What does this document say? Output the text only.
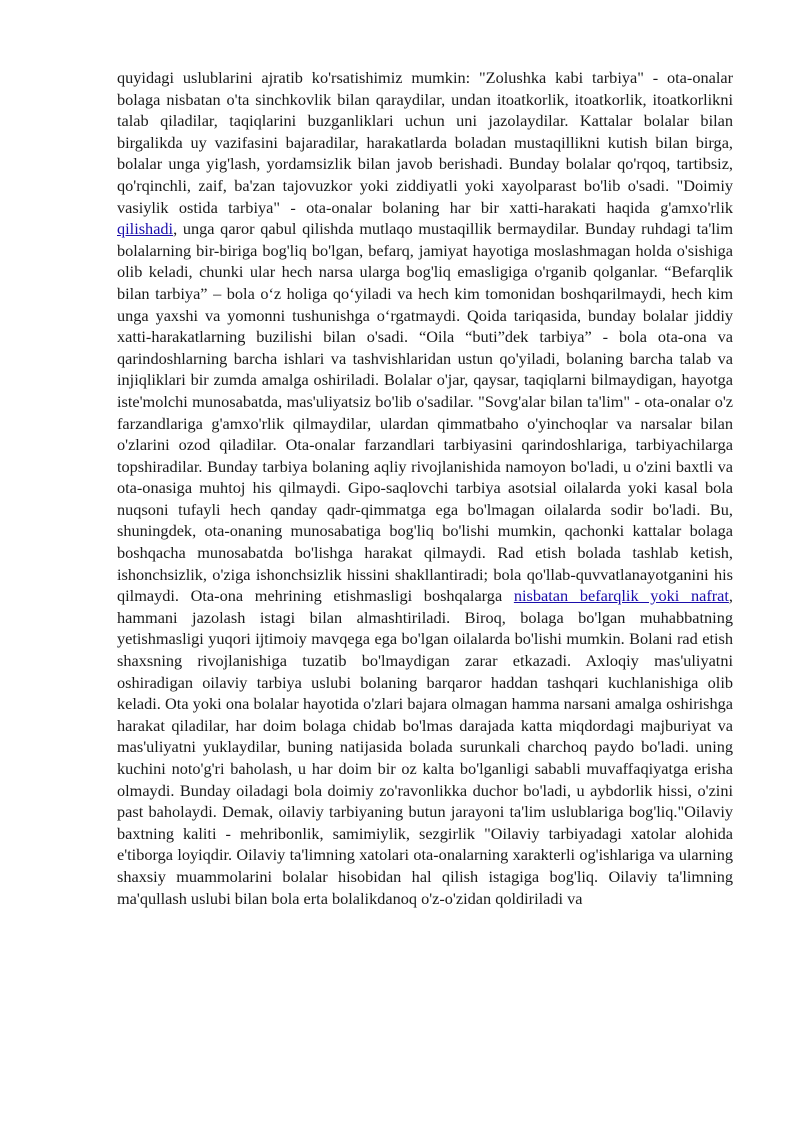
quyidagi uslublarini ajratib ko'rsatishimiz mumkin: "Zolushka kabi tarbiya" - ota-onalar bolaga nisbatan o'ta sinchkovlik bilan qaraydilar, undan itoatkorlik, itoatkorlik, itoatkorlikni talab qiladilar, taqiqlarini buzganliklari uchun uni jazolaydilar. Kattalar bolalar bilan birgalikda uy vazifasini bajaradilar, harakatlarda boladan mustaqillikni kutish bilan birga, bolalar unga yig'lash, yordamsizlik bilan javob berishadi. Bunday bolalar qo'rqoq, tartibsiz, qo'rqinchli, zaif, ba'zan tajovuzkor yoki ziddiyatli yoki xayolparast bo'lib o'sadi. "Doimiy vasiylik ostida tarbiya" - ota-onalar bolaning har bir xatti-harakati haqida g'amxo'rlik qilishadi, unga qaror qabul qilishda mutlaqo mustaqillik bermaydilar. Bunday ruhdagi ta'lim bolalarning bir-biriga bog'liq bo'lgan, befarq, jamiyat hayotiga moslashmagan holda o'sishiga olib keladi, chunki ular hech narsa ularga bog'liq emasligiga o'rganib qolganlar. “Befarqlik bilan tarbiya” – bola o‘z holiga qo‘yiladi va hech kim tomonidan boshqarilmaydi, hech kim unga yaxshi va yomonni tushunishga o‘rgatmaydi. Qoida tariqasida, bunday bolalar jiddiy xatti-harakatlarning buzilishi bilan o'sadi. “Oila “buti”dek tarbiya” - bola ota-ona va qarindoshlarning barcha ishlari va tashvishlaridan ustun qo'yiladi, bolaning barcha talab va injiqliklari bir zumda amalga oshiriladi. Bolalar o'jar, qaysar, taqiqlarni bilmaydigan, hayotga iste'molchi munosabatda, mas'uliyatsiz bo'lib o'sadilar. "Sovg'alar bilan ta'lim" - ota-onalar o'z farzandlariga g'amxo'rlik qilmaydilar, ulardan qimmatbaho o'yinchoqlar va narsalar bilan o'zlarini ozod qiladilar. Ota-onalar farzandlari tarbiyasini qarindoshlariga, tarbiyachilarga topshiradilar. Bunday tarbiya bolaning aqliy rivojlanishida namoyon bo'ladi, u o'zini baxtli va ota-onasiga muhtoj his qilmaydi. Gipo-saqlovchi tarbiya asotsial oilalarda yoki kasal bola nuqsoni tufayli hech qanday qadr-qimmatga ega bo'lmagan oilalarda sodir bo'ladi. Bu, shuningdek, ota-onaning munosabatiga bog'liq bo'lishi mumkin, qachonki kattalar bolaga boshqacha munosabatda bo'lishga harakat qilmaydi. Rad etish bolada tashlab ketish, ishonchsizlik, o'ziga ishonchsizlik hissini shakllantiradi; bola qo'llab-quvvatlanayotganini his qilmaydi. Ota-ona mehrining etishmasligi boshqalarga nisbatan befarqlik yoki nafrat, hammani jazolash istagi bilan almashtiriladi. Biroq, bolaga bo'lgan muhabbatning yetishmasligi yuqori ijtimoiy mavqega ega bo'lgan oilalarda bo'lishi mumkin. Bolani rad etish shaxsning rivojlanishiga tuzatib bo'lmaydigan zarar etkazadi. Axloqiy mas'uliyatni oshiradigan oilaviy tarbiya uslubi bolaning barqaror haddan tashqari kuchlanishiga olib keladi. Ota yoki ona bolalar hayotida o'zlari bajara olmagan hamma narsani amalga oshirishga harakat qiladilar, har doim bolaga chidab bo'lmas darajada katta miqdordagi majburiyat va mas'uliyatni yuklaydilar, buning natijasida bolada surunkali charchoq paydo bo'ladi. uning kuchini noto'g'ri baholash, u har doim bir oz kalta bo'lganligi sababli muvaffaqiyatga erisha olmaydi. Bunday oiladagi bola doimiy zo'ravonlikka duchor bo'ladi, u aybdorlik hissi, o'zini past baholaydi. Demak, oilaviy tarbiyaning butun jarayoni ta'lim uslublariga bog'liq."Oilaviy baxtning kaliti - mehribonlik, samimiylik, sezgirlik "Oilaviy tarbiyadagi xatolar alohida e'tiborga loyiqdir. Oilaviy ta'limning xatolari ota-onalarning xarakterli og'ishlariga va ularning shaxsiy muammolarini bolalar hisobidan hal qilish istagiga bog'liq. Oilaviy ta'limning ma'qullash uslubi bilan bola erta bolalikdanoq o'z-o'zidan qoldiriladi va
